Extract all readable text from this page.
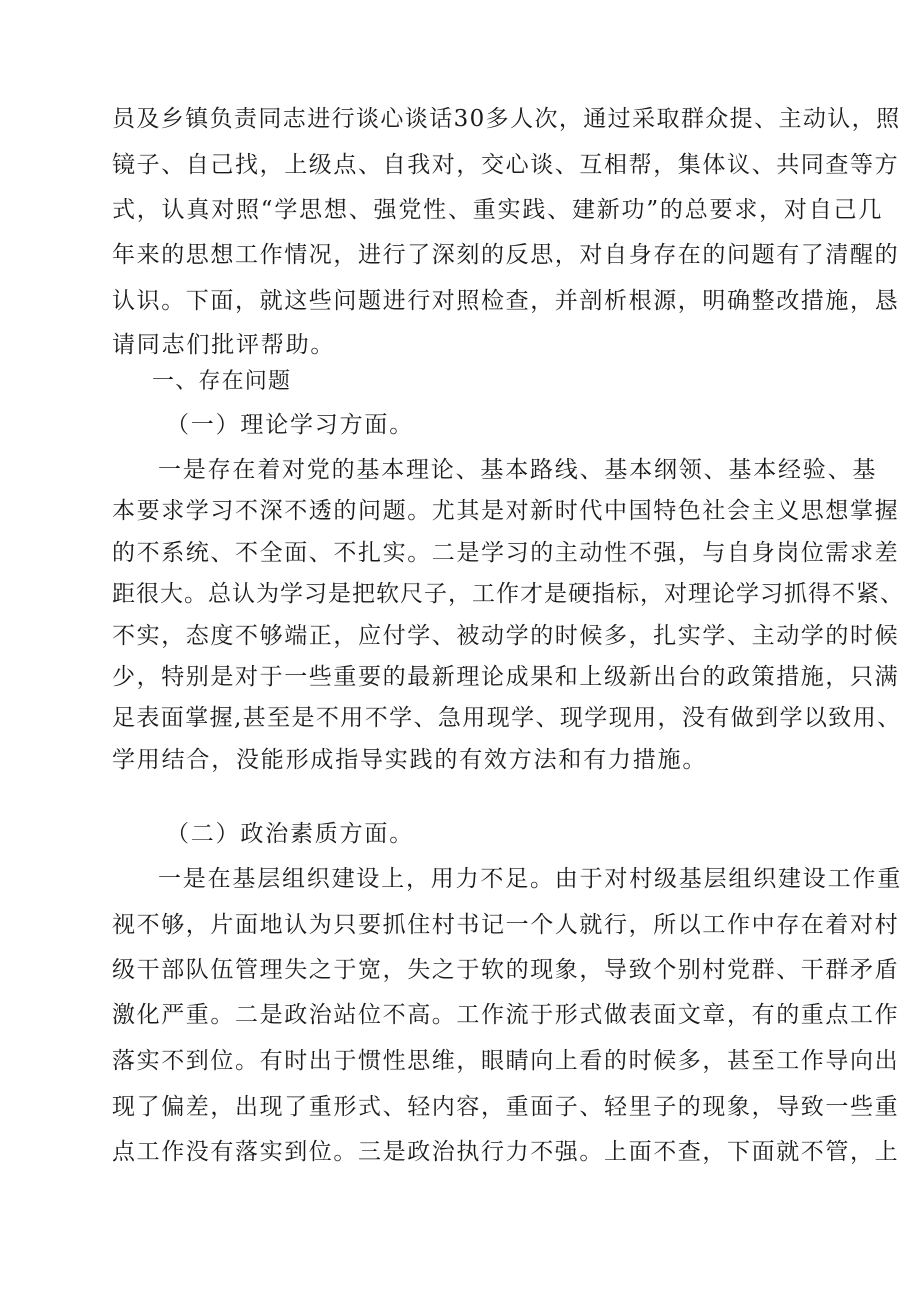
员及乡镇负责同志进行谈心谈话30多人次，通过采取群众提、主动认，照
镜子、自己找，上级点、自我对，交心谈、互相帮，集体议、共同查等方
式，认真对照“学思想、强党性、重实践、建新功”的总要求，对自己几
年来的思想工作情况，进行了深刻的反思，对自身存在的问题有了清醒的
认识。下面，就这些问题进行对照检查，并剖析根源，明确整改措施，恳
请同志们批评帮助。
一、存在问题
（一）理论学习方面。
一是存在着对党的基本理论、基本路线、基本纲领、基本经验、基
本要求学习不深不透的问题。尤其是对新时代中国特色社会主义思想掌握
的不系统、不全面、不扎实。二是学习的主动性不强，与自身岗位需求差
距很大。总认为学习是把软尺子，工作才是硬指标，对理论学习抓得不紧、
不实，态度不够端正，应付学、被动学的时候多，扎实学、主动学的时候
少，特别是对于一些重要的最新理论成果和上级新出台的政策措施，只满
足表面掌握,甚至是不用不学、急用现学、现学现用，没有做到学以致用、
学用结合，没能形成指导实践的有效方法和有力措施。
（二）政治素质方面。
一是在基层组织建设上，用力不足。由于对村级基层组织建设工作重
视不够，片面地认为只要抓住村书记一个人就行，所以工作中存在着对村
级干部队伍管理失之于宽，失之于软的现象，导致个别村党群、干群矛盾
激化严重。二是政治站位不高。工作流于形式做表面文章，有的重点工作
落实不到位。有时出于惯性思维，眼睛向上看的时候多，甚至工作导向出
现了偏差，出现了重形式、轻内容，重面子、轻里子的现象，导致一些重
点工作没有落实到位。三是政治执行力不强。上面不查，下面就不管，上
